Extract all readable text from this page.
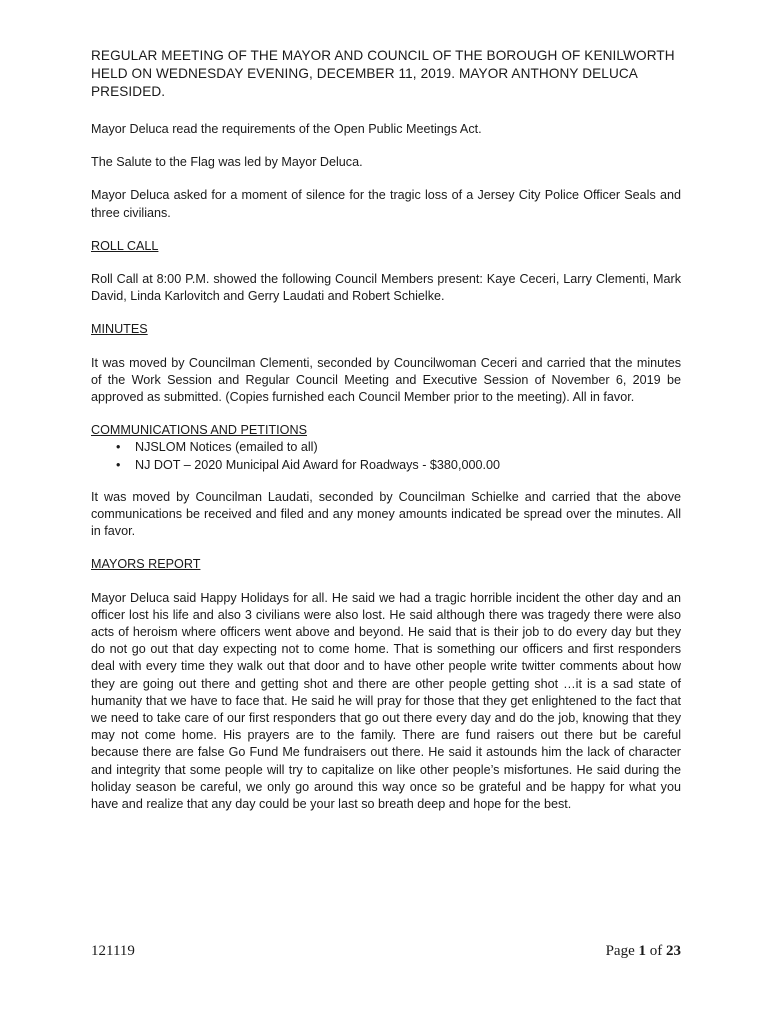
REGULAR MEETING OF THE MAYOR AND COUNCIL OF THE BOROUGH OF KENILWORTH HELD ON WEDNESDAY EVENING, DECEMBER 11, 2019. MAYOR ANTHONY DELUCA PRESIDED.

Mayor Deluca read the requirements of the Open Public Meetings Act.

The Salute to the Flag was led by Mayor Deluca.

Mayor Deluca asked for a moment of silence for the tragic loss of a Jersey City Police Officer Seals and three civilians.

ROLL CALL

Roll Call at 8:00 P.M. showed the following Council Members present: Kaye Ceceri, Larry Clementi, Mark David, Linda Karlovitch and Gerry Laudati and Robert Schielke.

MINUTES

It was moved by Councilman Clementi, seconded by Councilwoman Ceceri and carried that the minutes of the Work Session and Regular Council Meeting and Executive Session of November 6, 2019 be approved as submitted. (Copies furnished each Council Member prior to the meeting). All in favor.

COMMUNICATIONS AND PETITIONS
• NJSLOM Notices (emailed to all)
• NJ DOT – 2020 Municipal Aid Award for Roadways - $380,000.00

It was moved by Councilman Laudati, seconded by Councilman Schielke and carried that the above communications be received and filed and any money amounts indicated be spread over the minutes. All in favor.

MAYORS REPORT

Mayor Deluca said Happy Holidays for all. He said we had a tragic horrible incident the other day and an officer lost his life and also 3 civilians were also lost. He said although there was tragedy there were also acts of heroism where officers went above and beyond. He said that is their job to do every day but they do not go out that day expecting not to come home. That is something our officers and first responders deal with every time they walk out that door and to have other people write twitter comments about how they are going out there and getting shot and there are other people getting shot …it is a sad state of humanity that we have to face that. He said he will pray for those that they get enlightened to the fact that we need to take care of our first responders that go out there every day and do the job, knowing that they may not come home. His prayers are to the family. There are fund raisers out there but be careful because there are false Go Fund Me fundraisers out there. He said it astounds him the lack of character and integrity that some people will try to capitalize on like other people’s misfortunes. He said during the holiday season be careful, we only go around this way once so be grateful and be happy for what you have and realize that any day could be your last so breath deep and hope for the best.

121119	Page 1 of 23
